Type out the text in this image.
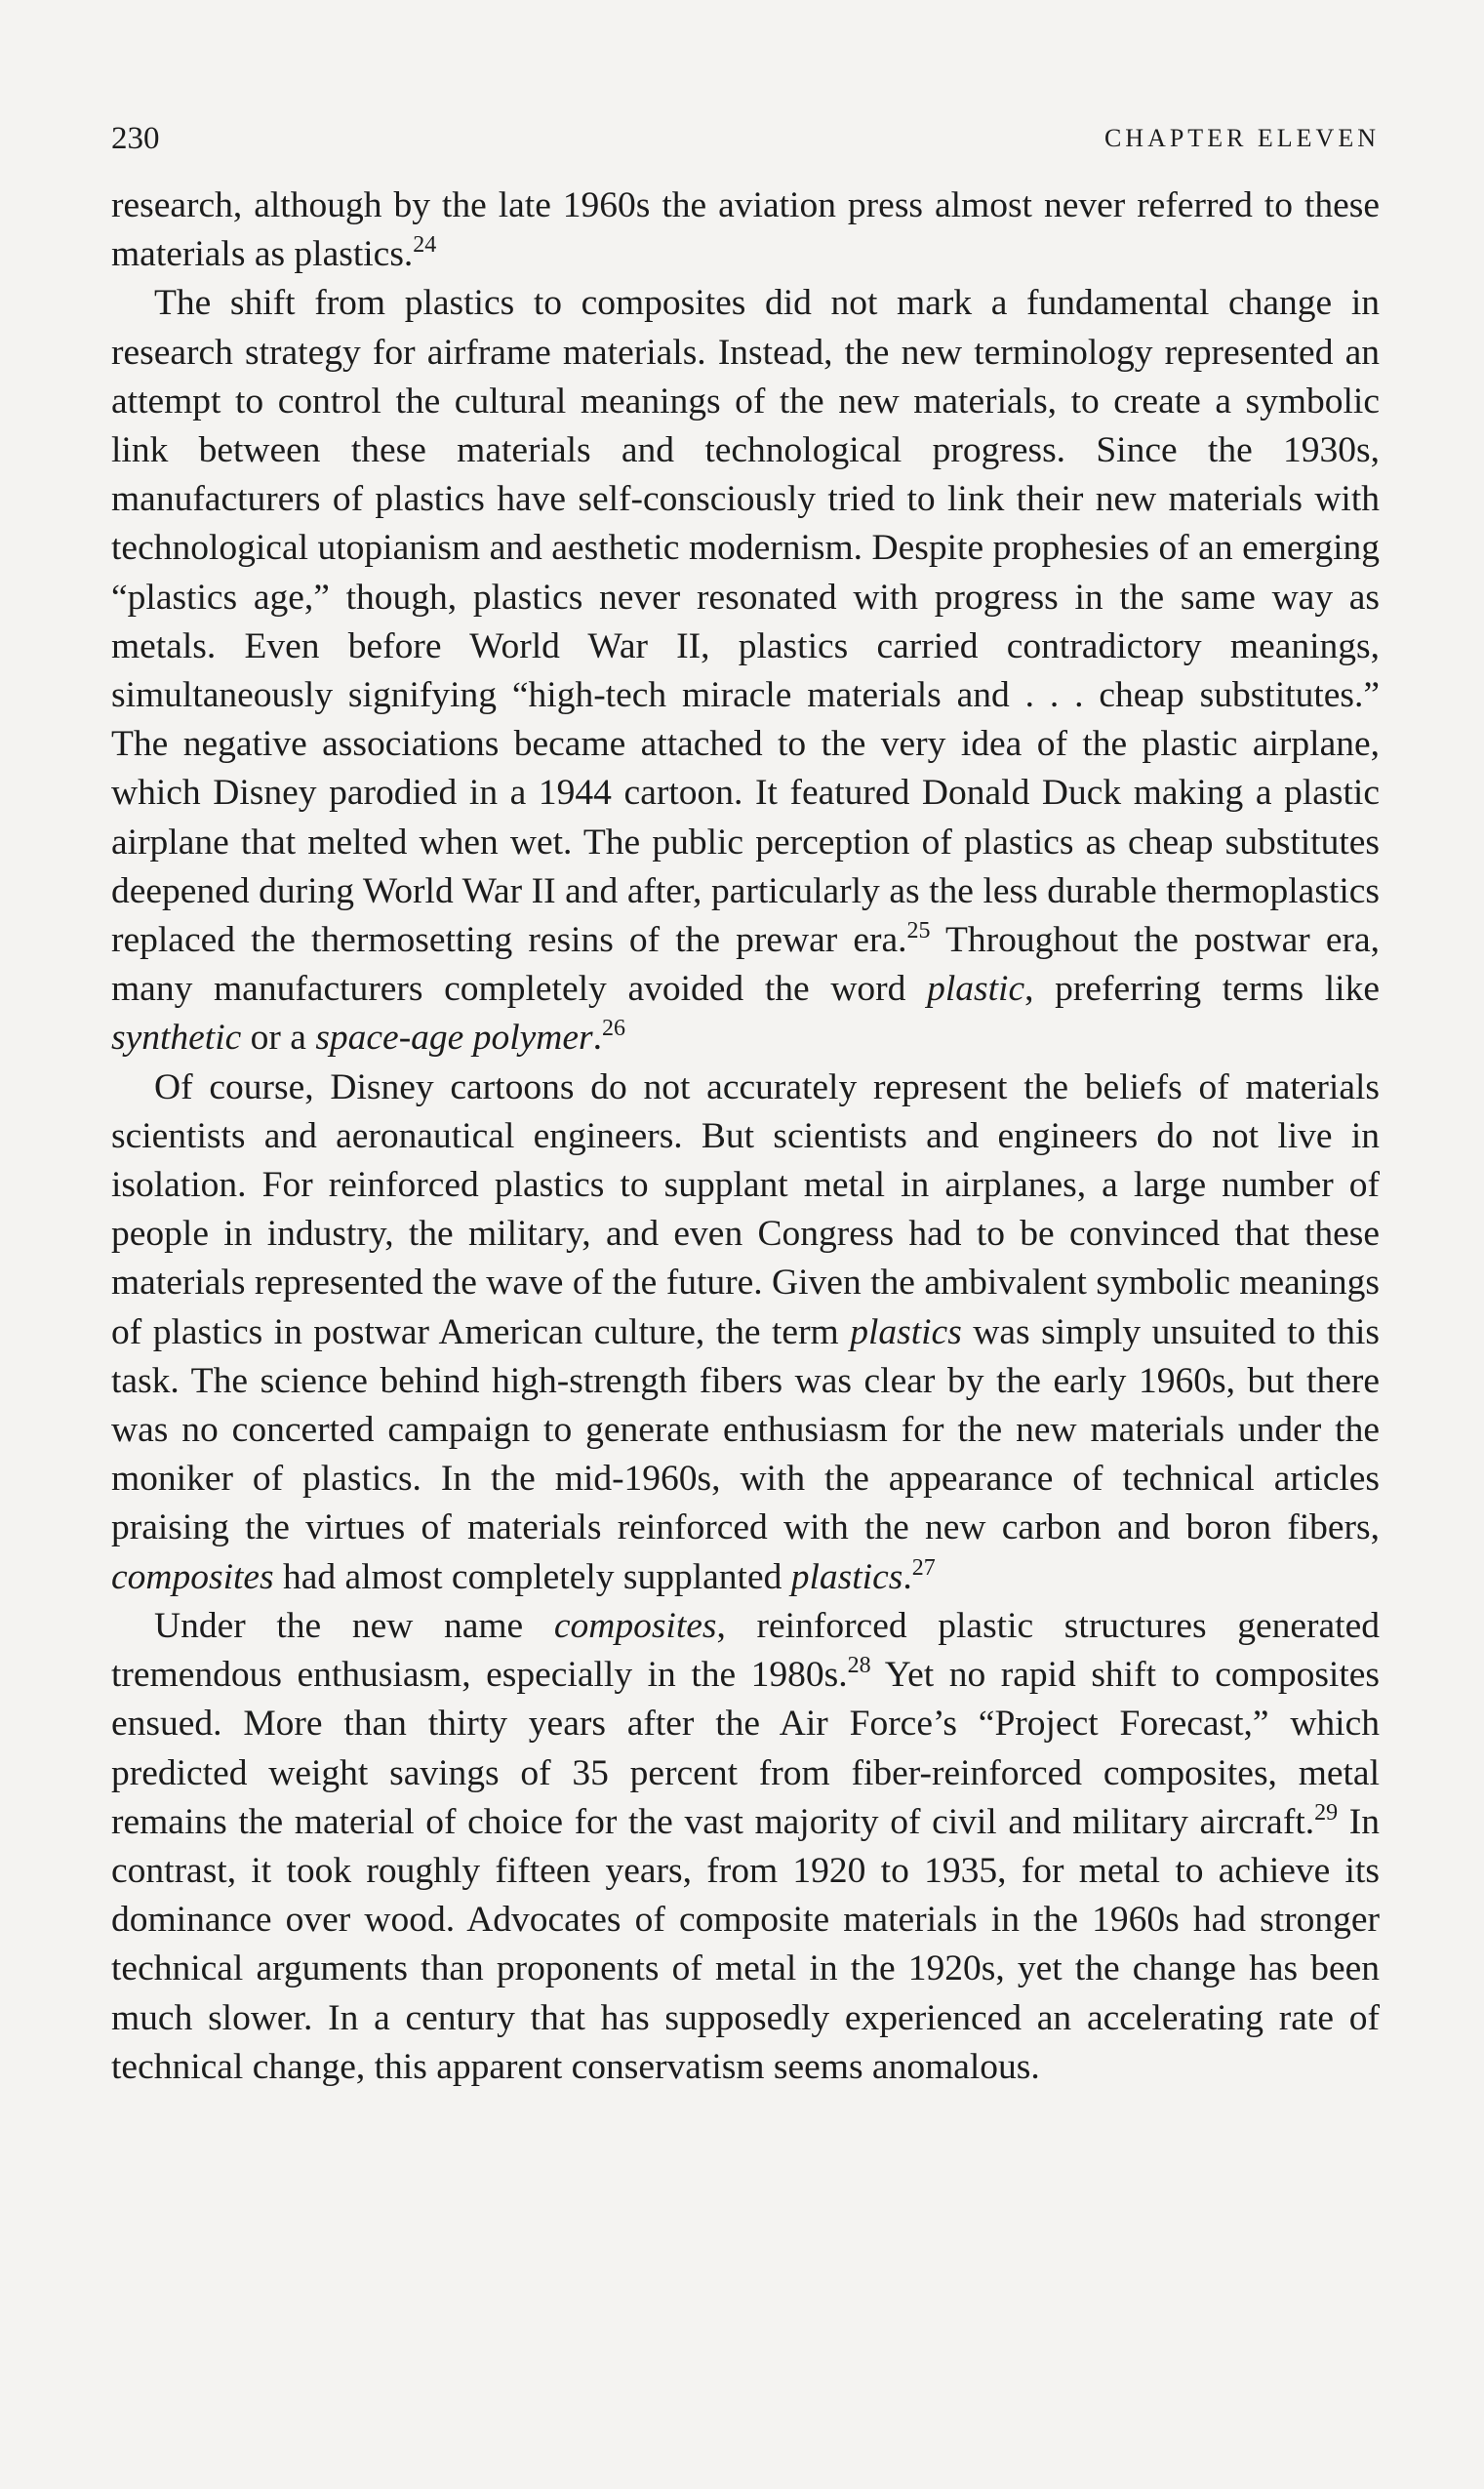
230	CHAPTER ELEVEN

research, although by the late 1960s the aviation press almost never referred to these materials as plastics.$^{24}$

The shift from plastics to composites did not mark a fundamental change in research strategy for airframe materials. Instead, the new terminology represented an attempt to control the cultural meanings of the new materials, to create a symbolic link between these materials and technological progress. Since the 1930s, manufacturers of plastics have self-consciously tried to link their new materials with technological utopianism and aesthetic modernism. Despite prophesies of an emerging “plastics age,” though, plastics never resonated with progress in the same way as metals. Even before World War II, plastics carried contradictory meanings, simultaneously signifying “high-tech miracle materials and . . . cheap substitutes.” The negative associations became attached to the very idea of the plastic airplane, which Disney parodied in a 1944 cartoon. It featured Donald Duck making a plastic airplane that melted when wet. The public perception of plastics as cheap substitutes deepened during World War II and after, particularly as the less durable thermoplastics replaced the thermosetting resins of the prewar era.$^{25}$ Throughout the postwar era, many manufacturers completely avoided the word plastic, preferring terms like synthetic or a space-age polymer.$^{26}$

Of course, Disney cartoons do not accurately represent the beliefs of materials scientists and aeronautical engineers. But scientists and engineers do not live in isolation. For reinforced plastics to supplant metal in airplanes, a large number of people in industry, the military, and even Congress had to be convinced that these materials represented the wave of the future. Given the ambivalent symbolic meanings of plastics in postwar American culture, the term plastics was simply unsuited to this task. The science behind high-strength fibers was clear by the early 1960s, but there was no concerted campaign to generate enthusiasm for the new materials under the moniker of plastics. In the mid-1960s, with the appearance of technical articles praising the virtues of materials reinforced with the new carbon and boron fibers, composites had almost completely supplanted plastics.$^{27}$

Under the new name composites, reinforced plastic structures generated tremendous enthusiasm, especially in the 1980s.$^{28}$ Yet no rapid shift to composites ensued. More than thirty years after the Air Force’s “Project Forecast,” which predicted weight savings of 35 percent from fiber-reinforced composites, metal remains the material of choice for the vast majority of civil and military aircraft.$^{29}$ In contrast, it took roughly fifteen years, from 1920 to 1935, for metal to achieve its dominance over wood. Advocates of composite materials in the 1960s had stronger technical arguments than proponents of metal in the 1920s, yet the change has been much slower. In a century that has supposedly experienced an accelerating rate of technical change, this apparent conservatism seems anomalous.
